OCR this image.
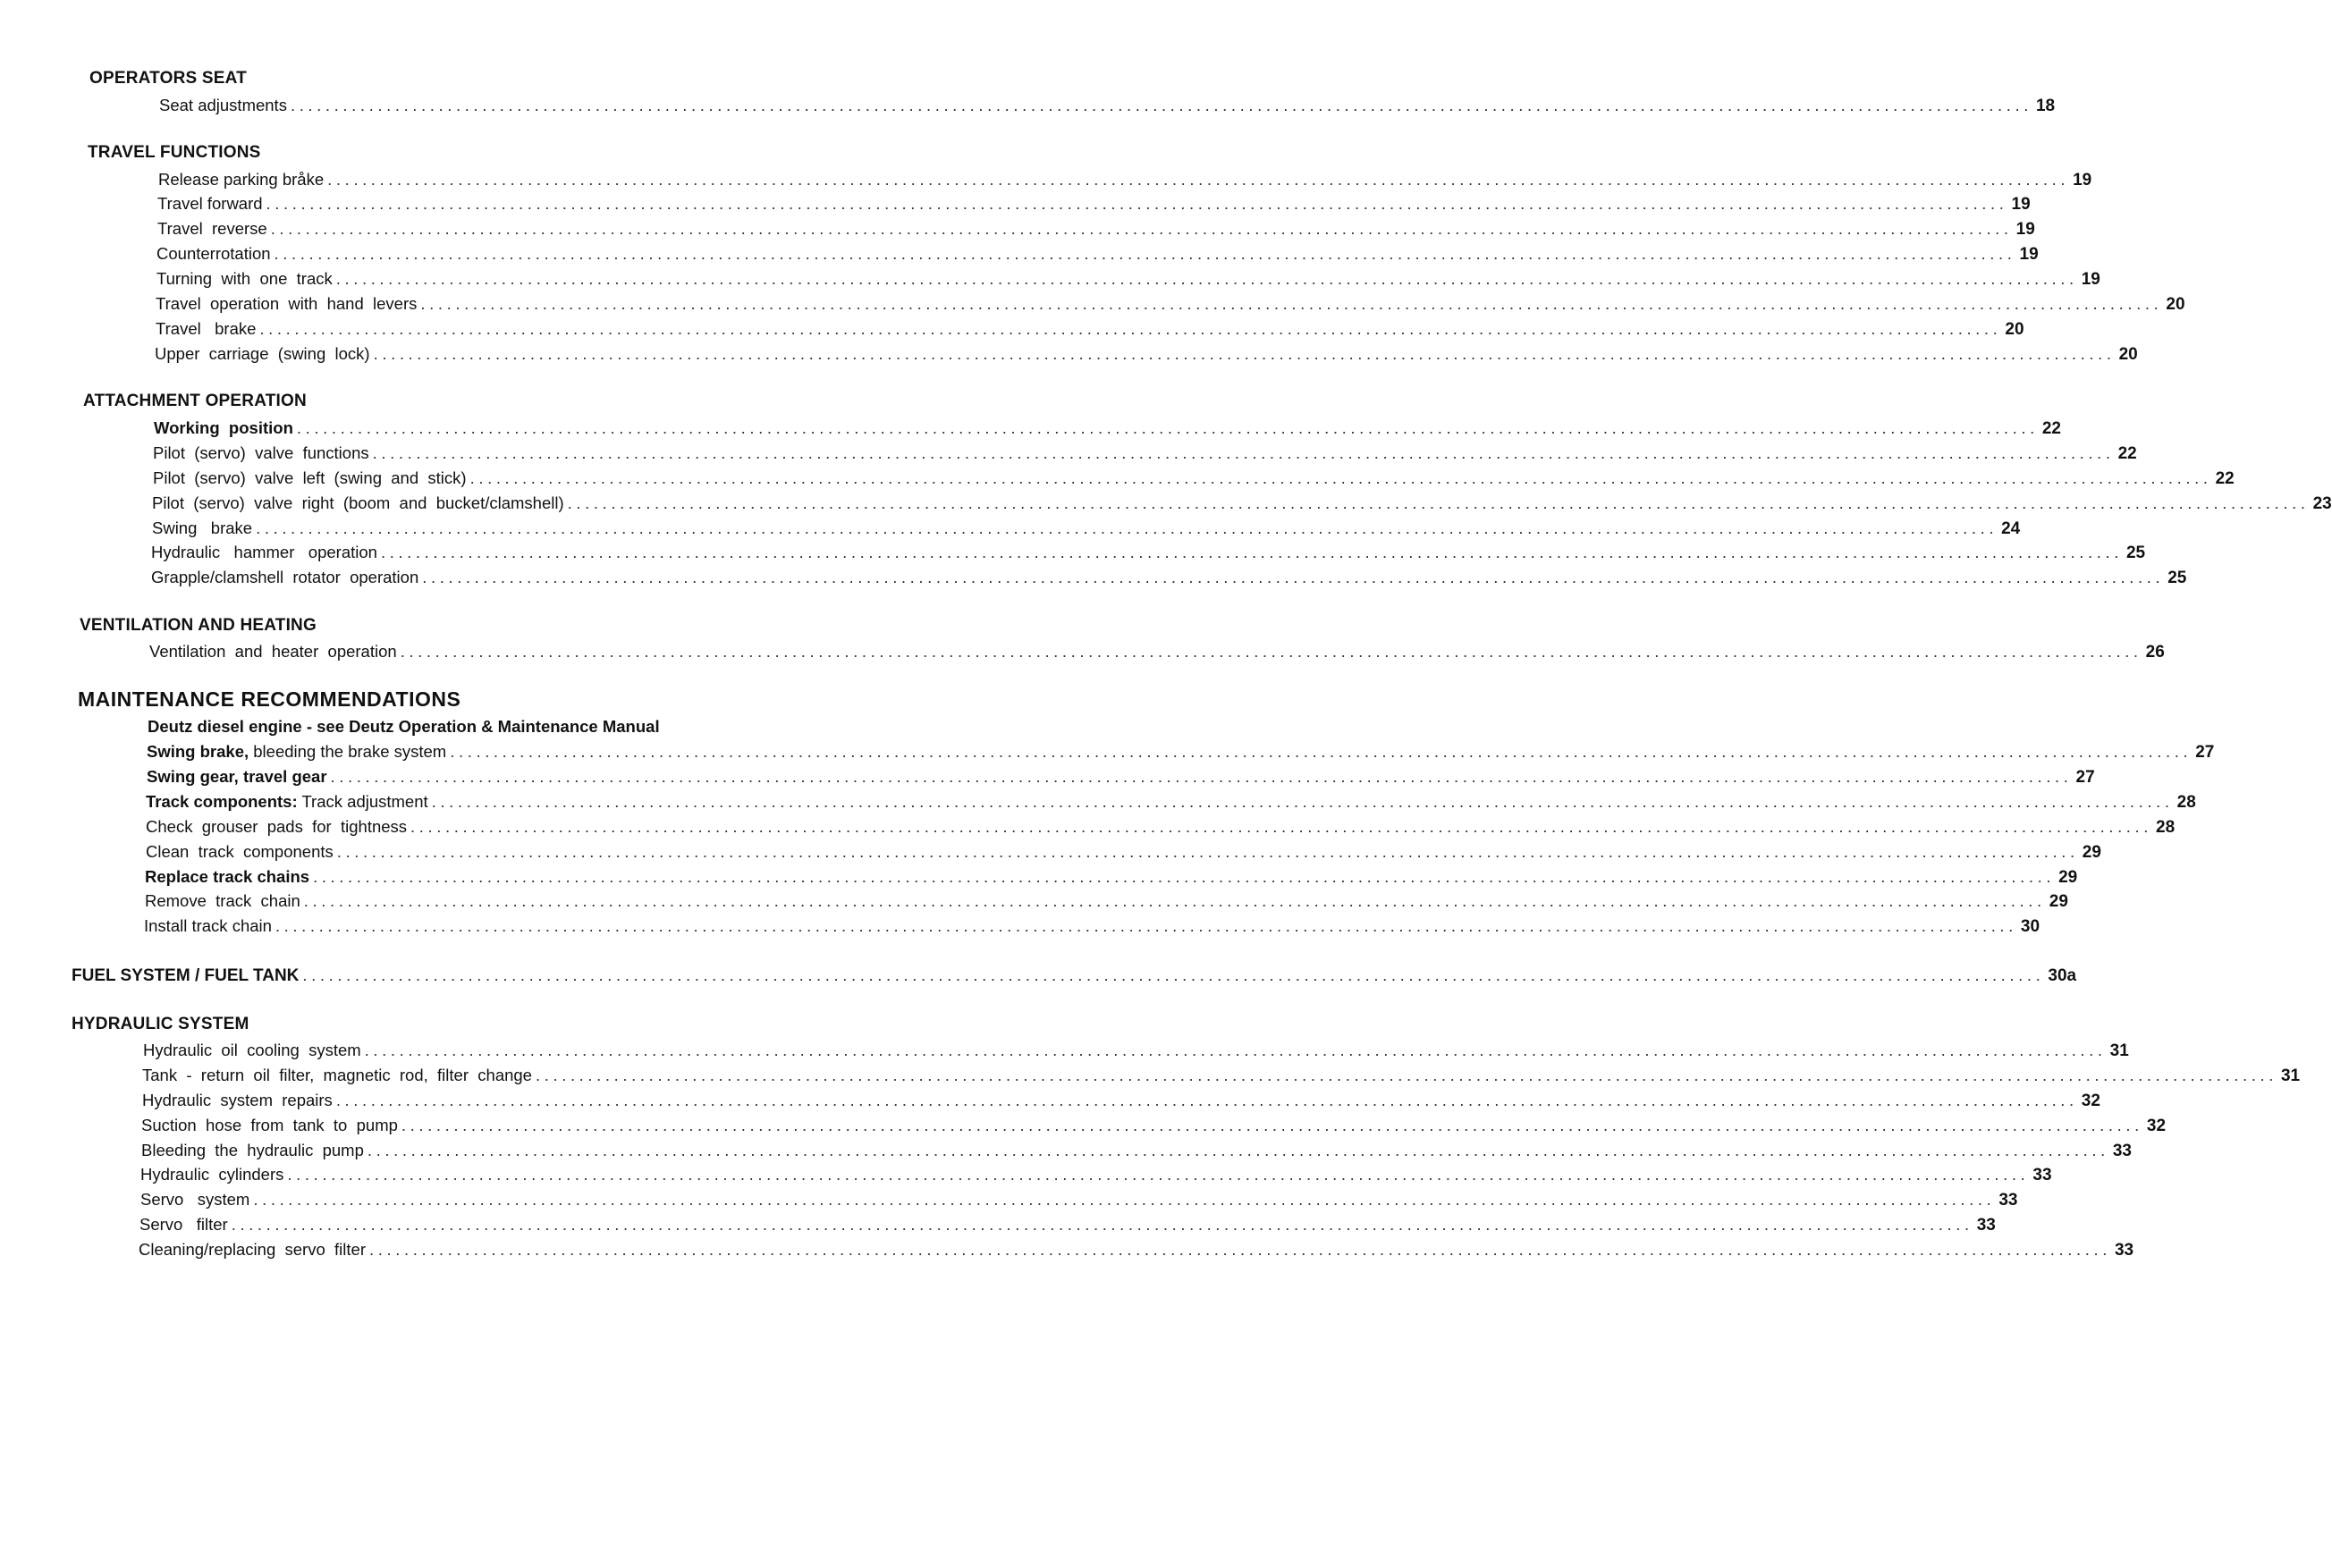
OPERATORS SEAT
Seat adjustments ........................................................................................................................................................................................................ 18
TRAVEL FUNCTIONS
Release parking bråke ........................................................................................................................................................................................................ 19
Travel forward ........................................................................................................................................................................................................ 19
Travel  reverse ........................................................................................................................................................................................................ 19
Counterrotation ........................................................................................................................................................................................................ 19
Turning  with  one  track ........................................................................................................................................................................................................ 19
Travel  operation  with  hand  levers ........................................................................................................................................................................................................ 20
Travel   brake ........................................................................................................................................................................................................ 20
Upper  carriage  (swing  lock) ........................................................................................................................................................................................................ 20
ATTACHMENT OPERATION
Working  position ........................................................................................................................................................................................................ 22
Pilot  (servo)  valve  functions ........................................................................................................................................................................................................ 22
Pilot  (servo)  valve  left  (swing  and  stick) ........................................................................................................................................................................................................ 22
Pilot  (servo)  valve  right  (boom  and  bucket/clamshell) ........................................................................................................................................................................................................ 23
Swing   brake ........................................................................................................................................................................................................ 24
Hydraulic   hammer   operation ........................................................................................................................................................................................................ 25
Grapple/clamshell  rotator  operation ........................................................................................................................................................................................................ 25
VENTILATION AND HEATING
Ventilation  and  heater  operation ........................................................................................................................................................................................................ 26
MAINTENANCE RECOMMENDATIONS
Deutz diesel engine - see Deutz Operation & Maintenance Manual
Swing brake, bleeding the brake system ........................................................................................................................................................................................................ 27
Swing gear, travel gear ........................................................................................................................................................................................................ 27
Track components: Track adjustment ........................................................................................................................................................................................................ 28
Check  grouser  pads  for  tightness ........................................................................................................................................................................................................ 28
Clean  track  components ........................................................................................................................................................................................................ 29
Replace track chains ........................................................................................................................................................................................................ 29
Remove  track  chain ........................................................................................................................................................................................................ 29
Install track chain ........................................................................................................................................................................................................ 30
FUEL SYSTEM / FUEL TANK ........................................................................................................................................................................................................ 30a
HYDRAULIC SYSTEM
Hydraulic  oil  cooling  system ........................................................................................................................................................................................................ 31
Tank  -  return  oil  filter,  magnetic  rod,  filter  change ........................................................................................................................................................................................................ 31
Hydraulic  system  repairs ........................................................................................................................................................................................................ 32
Suction  hose  from  tank  to  pump ........................................................................................................................................................................................................ 32
Bleeding  the  hydraulic  pump ........................................................................................................................................................................................................ 33
Hydraulic  cylinders ........................................................................................................................................................................................................ 33
Servo   system ........................................................................................................................................................................................................ 33
Servo   filter ........................................................................................................................................................................................................ 33
Cleaning/replacing  servo  filter ........................................................................................................................................................................................................ 33
